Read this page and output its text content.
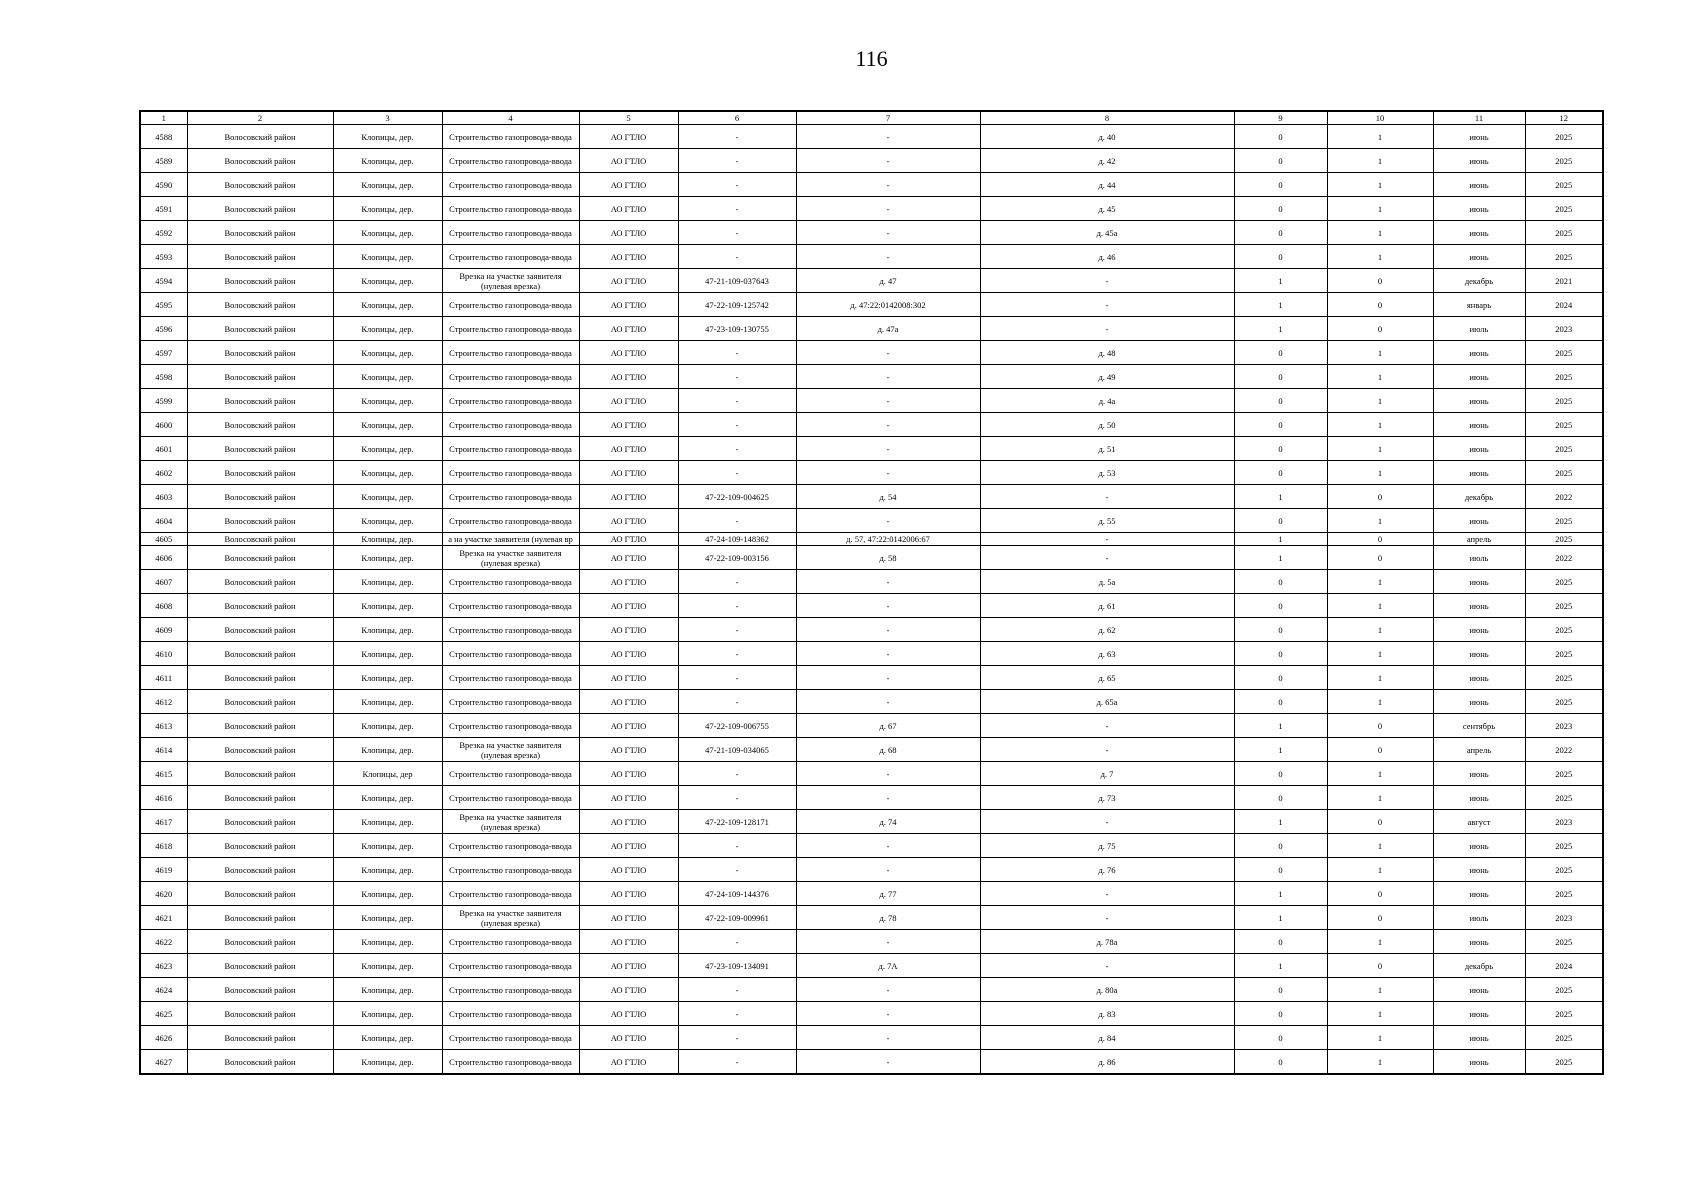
116
1	2	3	4	5	6	7	8	9	10	11	12
4588	Волосовский район	Клопицы, дер.	Строительство газопровода-ввода	АО ГТЛО	-	-	д. 40	0	1	июнь	2025
4589	Волосовский район	Клопицы, дер.	Строительство газопровода-ввода	АО ГТЛО	-	-	д. 42	0	1	июнь	2025
4590	Волосовский район	Клопицы, дер.	Строительство газопровода-ввода	АО ГТЛО	-	-	д. 44	0	1	июнь	2025
4591	Волосовский район	Клопицы, дер.	Строительство газопровода-ввода	АО ГТЛО	-	-	д. 45	0	1	июнь	2025
4592	Волосовский район	Клопицы, дер.	Строительство газопровода-ввода	АО ГТЛО	-	-	д. 45а	0	1	июнь	2025
4593	Волосовский район	Клопицы, дер.	Строительство газопровода-ввода	АО ГТЛО	-	-	д. 46	0	1	июнь	2025
4594	Волосовский район	Клопицы, дер.	Врезка на участке заявителя (нулевая врезка)	АО ГТЛО	47-21-109-037643	д. 47	-	1	0	декабрь	2021
4595	Волосовский район	Клопицы, дер.	Строительство газопровода-ввода	АО ГТЛО	47-22-109-125742	д. 47:22:0142008:302	-	1	0	январь	2024
4596	Волосовский район	Клопицы, дер.	Строительство газопровода-ввода	АО ГТЛО	47-23-109-130755	д. 47а	-	1	0	июль	2023
4597	Волосовский район	Клопицы, дер.	Строительство газопровода-ввода	АО ГТЛО	-	-	д. 48	0	1	июнь	2025
4598	Волосовский район	Клопицы, дер.	Строительство газопровода-ввода	АО ГТЛО	-	-	д. 49	0	1	июнь	2025
4599	Волосовский район	Клопицы, дер.	Строительство газопровода-ввода	АО ГТЛО	-	-	д. 4а	0	1	июнь	2025
4600	Волосовский район	Клопицы, дер.	Строительство газопровода-ввода	АО ГТЛО	-	-	д. 50	0	1	июнь	2025
4601	Волосовский район	Клопицы, дер.	Строительство газопровода-ввода	АО ГТЛО	-	-	д. 51	0	1	июнь	2025
4602	Волосовский район	Клопицы, дер.	Строительство газопровода-ввода	АО ГТЛО	-	-	д. 53	0	1	июнь	2025
4603	Волосовский район	Клопицы, дер.	Строительство газопровода-ввода	АО ГТЛО	47-22-109-004625	д. 54	-	1	0	декабрь	2022
4604	Волосовский район	Клопицы, дер.	Строительство газопровода-ввода	АО ГТЛО	-	-	д. 55	0	1	июнь	2025
4605	Волосовский район	Клопицы, дер.	а на участке заявителя (нулевая вр	АО ГТЛО	47-24-109-148362	д. 57, 47:22:0142006:67	-	1	0	апрель	2025
4606	Волосовский район	Клопицы, дер.	Врезка на участке заявителя (нулевая врезка)	АО ГТЛО	47-22-109-003156	д. 58	-	1	0	июль	2022
4607	Волосовский район	Клопицы, дер.	Строительство газопровода-ввода	АО ГТЛО	-	-	д. 5а	0	1	июнь	2025
4608	Волосовский район	Клопицы, дер.	Строительство газопровода-ввода	АО ГТЛО	-	-	д. 61	0	1	июнь	2025
4609	Волосовский район	Клопицы, дер.	Строительство газопровода-ввода	АО ГТЛО	-	-	д. 62	0	1	июнь	2025
4610	Волосовский район	Клопицы, дер.	Строительство газопровода-ввода	АО ГТЛО	-	-	д. 63	0	1	июнь	2025
4611	Волосовский район	Клопицы, дер.	Строительство газопровода-ввода	АО ГТЛО	-	-	д. 65	0	1	июнь	2025
4612	Волосовский район	Клопицы, дер.	Строительство газопровода-ввода	АО ГТЛО	-	-	д. 65а	0	1	июнь	2025
4613	Волосовский район	Клопицы, дер.	Строительство газопровода-ввода	АО ГТЛО	47-22-109-006755	д. 67	-	1	0	сентябрь	2023
4614	Волосовский район	Клопицы, дер.	Врезка на участке заявителя (нулевая врезка)	АО ГТЛО	47-21-109-034065	д. 68	-	1	0	апрель	2022
4615	Волосовский район	Клопицы, дер	Строительство газопровода-ввода	АО ГТЛО	-	-	д. 7	0	1	июнь	2025
4616	Волосовский район	Клопицы, дер.	Строительство газопровода-ввода	АО ГТЛО	-	-	д. 73	0	1	июнь	2025
4617	Волосовский район	Клопицы, дер.	Врезка на участке заявителя (нулевая врезка)	АО ГТЛО	47-22-109-128171	д. 74	-	1	0	август	2023
4618	Волосовский район	Клопицы, дер.	Строительство газопровода-ввода	АО ГТЛО	-	-	д. 75	0	1	июнь	2025
4619	Волосовский район	Клопицы, дер.	Строительство газопровода-ввода	АО ГТЛО	-	-	д. 76	0	1	июнь	2025
4620	Волосовский район	Клопицы, дер.	Строительство газопровода-ввода	АО ГТЛО	47-24-109-144376	д. 77	-	1	0	июнь	2025
4621	Волосовский район	Клопицы, дер.	Врезка на участке заявителя (нулевая врезка)	АО ГТЛО	47-22-109-009961	д. 78	-	1	0	июль	2023
4622	Волосовский район	Клопицы, дер.	Строительство газопровода-ввода	АО ГТЛО	-	-	д. 78а	0	1	июнь	2025
4623	Волосовский район	Клопицы, дер.	Строительство газопровода-ввода	АО ГТЛО	47-23-109-134091	д. 7А	-	1	0	декабрь	2024
4624	Волосовский район	Клопицы, дер.	Строительство газопровода-ввода	АО ГТЛО	-	-	д. 80а	0	1	июнь	2025
4625	Волосовский район	Клопицы, дер.	Строительство газопровода-ввода	АО ГТЛО	-	-	д. 83	0	1	июнь	2025
4626	Волосовский район	Клопицы, дер.	Строительство газопровода-ввода	АО ГТЛО	-	-	д. 84	0	1	июнь	2025
4627	Волосовский район	Клопицы, дер.	Строительство газопровода-ввода	АО ГТЛО	-	-	д. 86	0	1	июнь	2025
